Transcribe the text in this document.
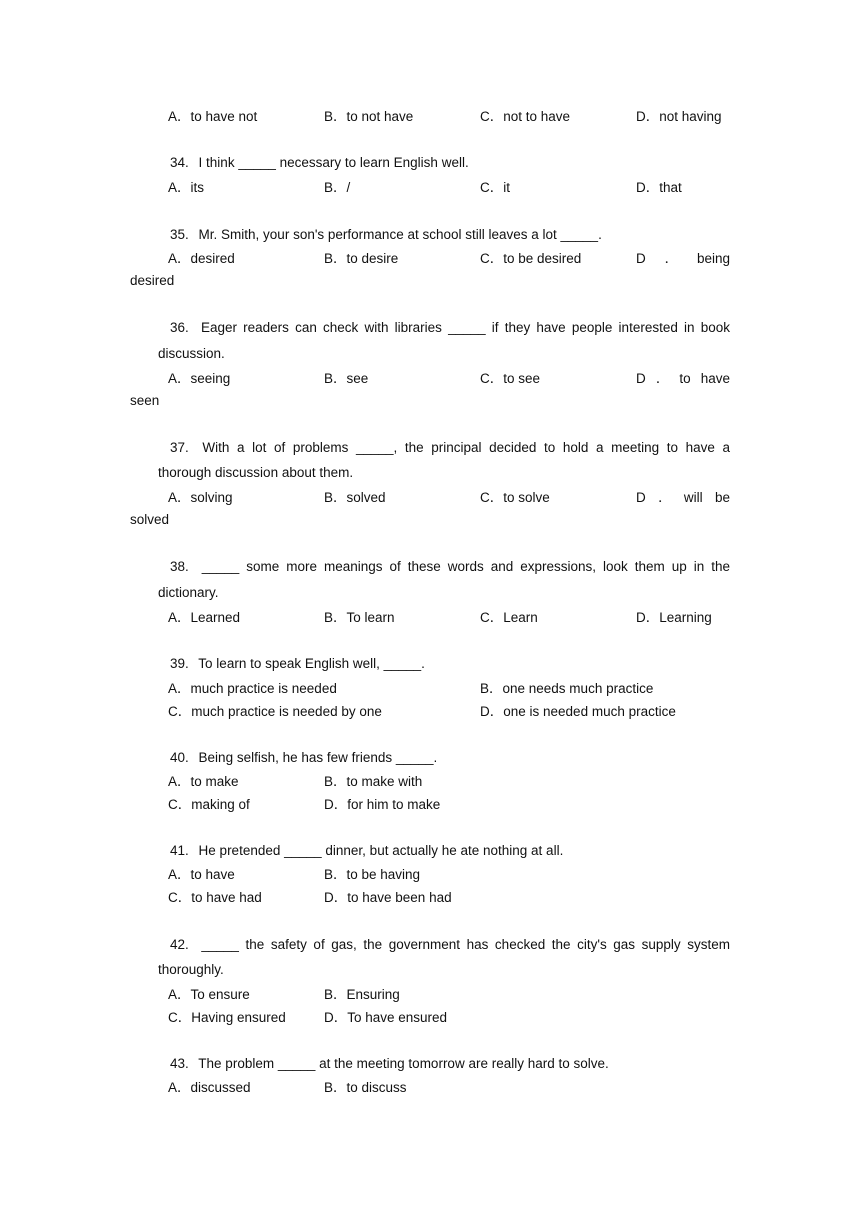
A．to have not	B．to not have	C．not to have	D．not having
34. I think _____ necessary to learn English well.
A．its	B．/	C．it	D．that
35. Mr. Smith, your son's performance at school still leaves a lot _____.
A．desired	B．to desire	C．to be desired	D ． being
desired
36. Eager readers can check with libraries _____ if they have people interested in book
discussion.
A．seeing	B．see	C．to see	D ． to have
seen
37. With a lot of problems _____, the principal decided to hold a meeting to have a
thorough discussion about them.
A．solving	B．solved	C．to solve	D ． will be
solved
38. _____ some more meanings of these words and expressions, look them up in the
dictionary.
A．Learned	B．To learn	C．Learn	D．Learning
39. To learn to speak English well, _____.
A．much practice is needed	B．one needs much practice
C．much practice is needed by one	D．one is needed much practice
40. Being selfish, he has few friends _____.
A．to make	B．to make with
C．making of	D．for him to make
41. He pretended _____ dinner, but actually he ate nothing at all.
A．to have	B．to be having
C．to have had	D．to have been had
42. _____ the safety of gas, the government has checked the city's gas supply system
thoroughly.
A．To ensure	B．Ensuring
C．Having ensured	D．To have ensured
43. The problem _____ at the meeting tomorrow are really hard to solve.
A．discussed	B．to discuss
